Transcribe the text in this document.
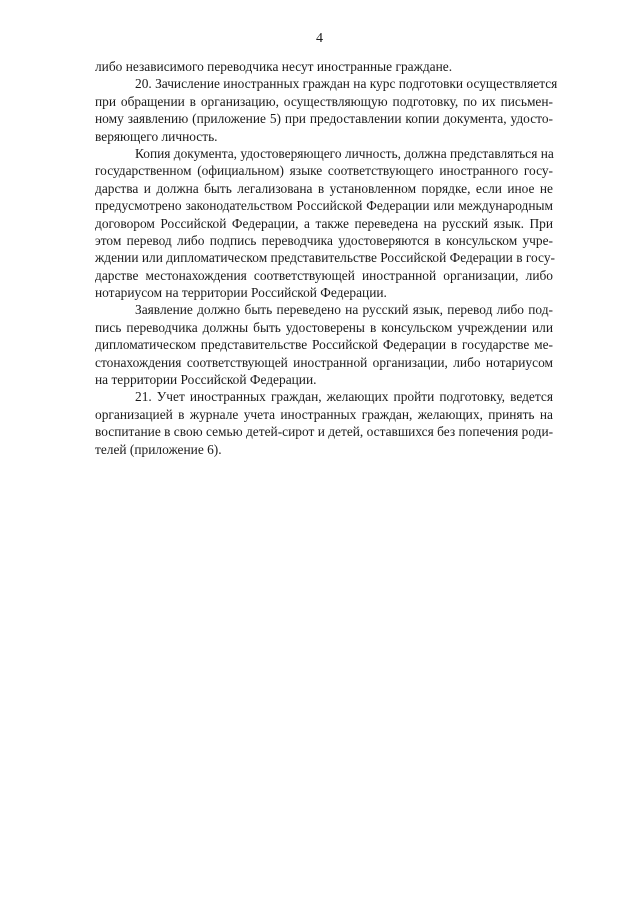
4
либо независимого переводчика несут иностранные граждане.
20. Зачисление иностранных граждан на курс подготовки осуществляется
при обращении в организацию, осуществляющую подготовку, по их письмен-
ному заявлению (приложение 5) при предоставлении копии документа, удосто-
веряющего личность.
Копия документа, удостоверяющего личность, должна представляться на
государственном (официальном) языке соответствующего иностранного госу-
дарства и должна быть легализована в установленном порядке, если иное не
предусмотрено законодательством Российской Федерации или международным
договором Российской Федерации, а также переведена на русский язык. При
этом перевод либо подпись переводчика удостоверяются в консульском учре-
ждении или дипломатическом представительстве Российской Федерации в госу-
дарстве местонахождения соответствующей иностранной организации, либо
нотариусом на территории Российской Федерации.
Заявление должно быть переведено на русский язык, перевод либо под-
пись переводчика должны быть удостоверены в консульском учреждении или
дипломатическом представительстве Российской Федерации в государстве ме-
стонахождения соответствующей иностранной организации, либо нотариусом
на территории Российской Федерации.
21. Учет иностранных граждан, желающих пройти подготовку, ведется
организацией в журнале учета иностранных граждан, желающих, принять на
воспитание в свою семью детей-сирот и детей, оставшихся без попечения роди-
телей (приложение 6).
